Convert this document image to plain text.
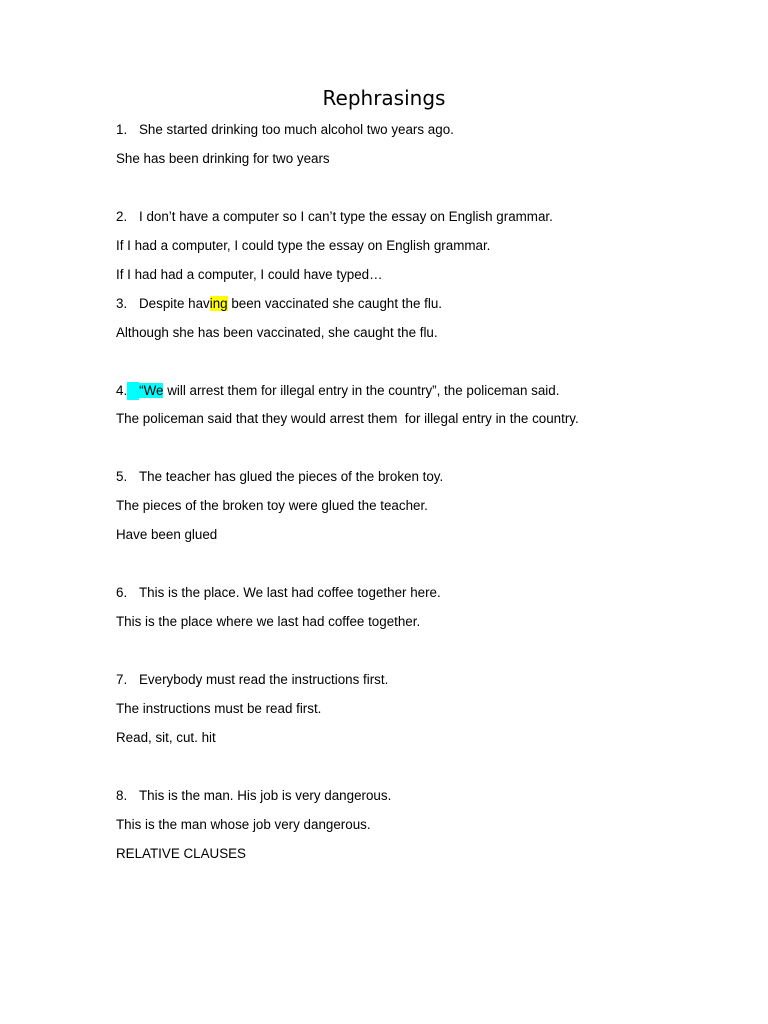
Rephrasings
1. She started drinking too much alcohol two years ago.
She has been drinking for two years
2. I don’t have a computer so I can’t type the essay on English grammar.
If I had a computer, I could type the essay on English grammar.
If I had had a computer, I could have typed…
3. Despite having been vaccinated she caught the flu.
Although she has been vaccinated, she caught the flu.
4. “We will arrest them for illegal entry in the country”, the policeman said.
The policeman said that they would arrest them  for illegal entry in the country.
5. The teacher has glued the pieces of the broken toy.
The pieces of the broken toy were glued the teacher.
Have been glued
6. This is the place. We last had coffee together here.
This is the place where we last had coffee together.
7. Everybody must read the instructions first.
The instructions must be read first.
Read, sit, cut. hit
8. This is the man. His job is very dangerous.
This is the man whose job very dangerous.
RELATIVE CLAUSES
